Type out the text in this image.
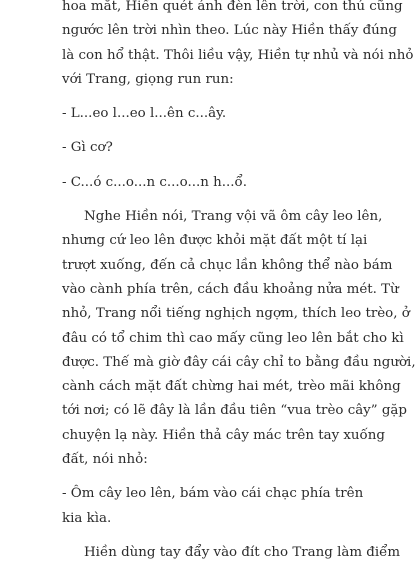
hoa mắt, Hiền quét ánh đèn lên trời, con thú cũng
ngước lên trời nhìn theo. Lúc này Hiền thấy đúng
là con hổ thật. Thôi liều vậy, Hiền tự nhủ và nói nhỏ
với Trang, giọng run run:
- L...eo l...eo l...ên c...ây.
- Gì cơ?
- C...ó c...o...n c...o...n h...ổ.
Nghe Hiền nói, Trang vội vã ôm cây leo lên,
nhưng cứ leo lên được khỏi mặt đất một tí lại
trượt xuống, đến cả chục lần không thể nào bám
vào cành phía trên, cách đầu khoảng nửa mét. Từ
nhỏ, Trang nổi tiếng nghịch ngợm, thích leo trèo, ở
đâu có tổ chim thì cao mấy cũng leo lên bắt cho kì
được. Thế mà giờ đây cái cây chỉ to bằng đầu người,
cành cách mặt đất chừng hai mét, trèo mãi không
tới nơi; có lẽ đây là lần đầu tiên “vua trèo cây” gặp
chuyện lạ này. Hiền thả cây mác trên tay xuống
đất, nói nhỏ:
- Ôm cây leo lên, bám vào cái chạc phía trên
kia kìa.
Hiền dùng tay đẩy vào đít cho Trang làm điểm
